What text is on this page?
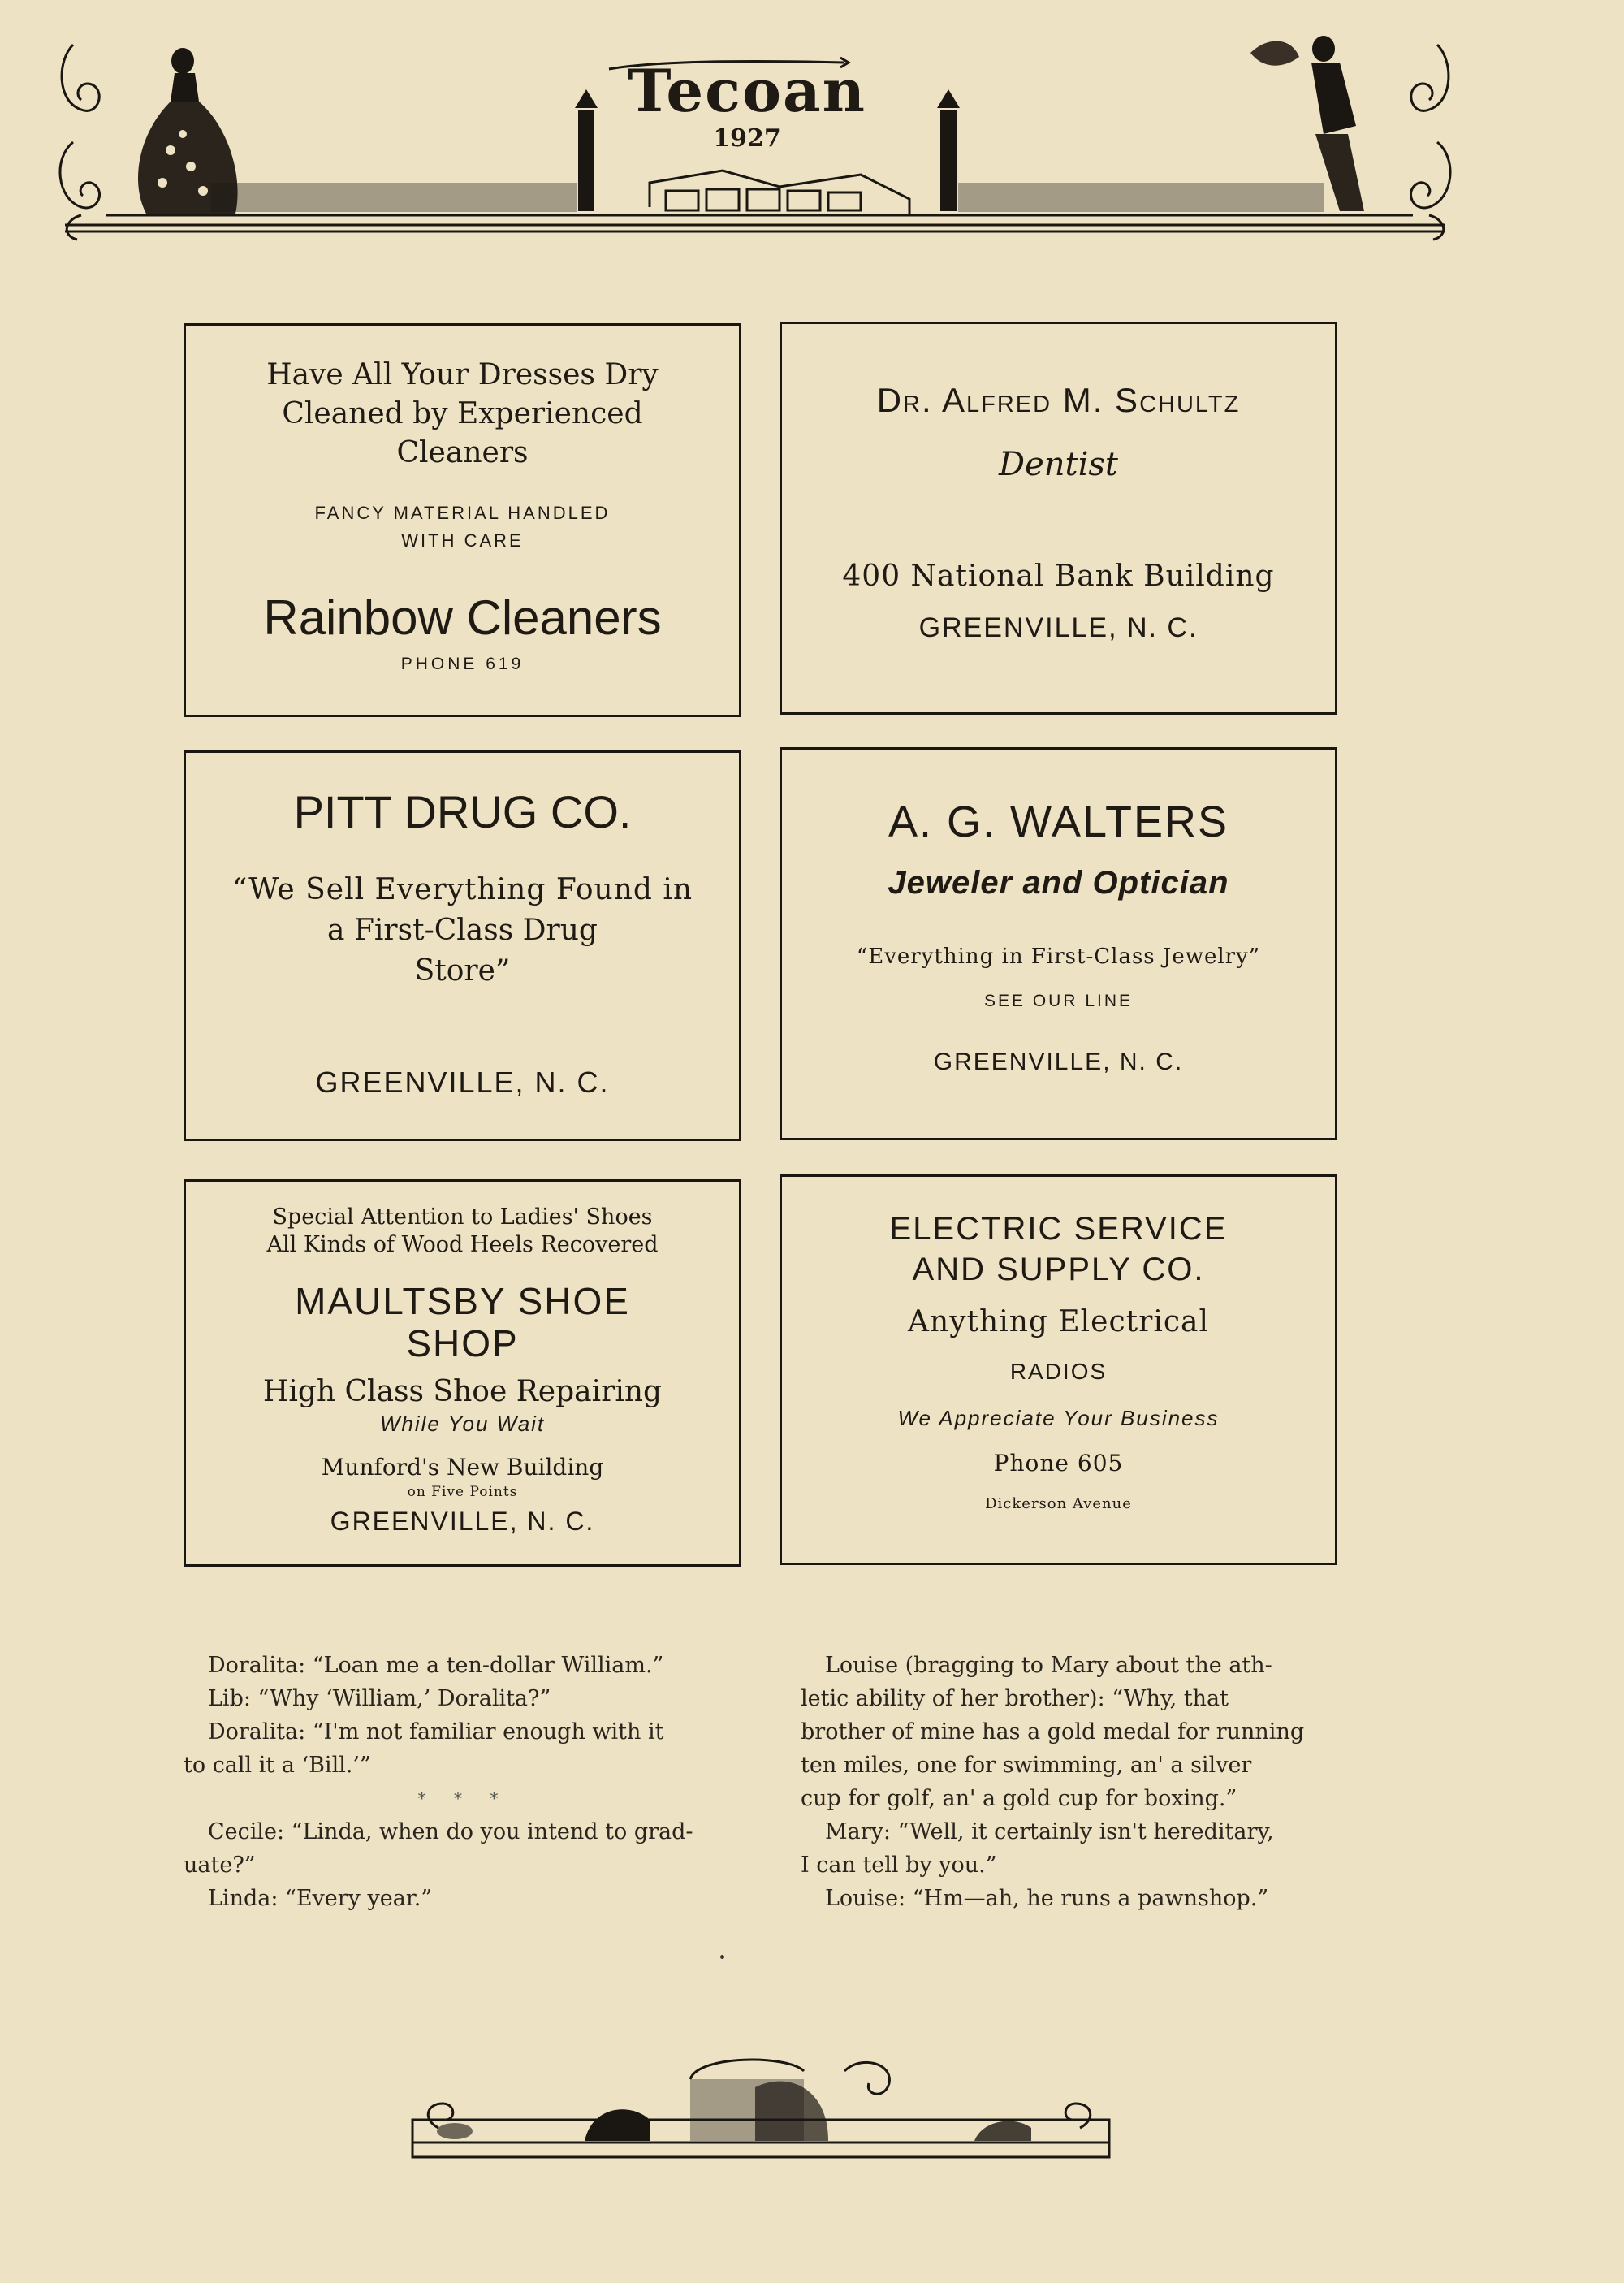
Tecoan
1927
Have All Your Dresses Dry
Cleaned by Experienced
Cleaners
FANCY MATERIAL HANDLED
WITH CARE
Rainbow Cleaners
PHONE 619
Dr. Alfred M. Schultz
Dentist
400 National Bank Building
GREENVILLE, N. C.
PITT DRUG CO.
“We Sell Everything Found in
a First-Class Drug
Store”
GREENVILLE, N. C.
A. G. WALTERS
Jeweler and Optician
“Everything in First-Class Jewelry”
SEE OUR LINE
GREENVILLE, N. C.
Special Attention to Ladies' Shoes
All Kinds of Wood Heels Recovered
MAULTSBY SHOE
SHOP
High Class Shoe Repairing
While You Wait
Munford's New Building
on Five Points
GREENVILLE, N. C.
ELECTRIC SERVICE
AND SUPPLY CO.
Anything Electrical
RADIOS
We Appreciate Your Business
Phone 605
Dickerson Avenue

Doralita: “Loan me a ten-dollar William.”

Lib: “Why ‘William,’ Doralita?”

Doralita: “I'm not familiar enough with it

to call it a ‘Bill.’”

* * *

Cecile: “Linda, when do you intend to grad-

uate?”

Linda: “Every year.”

Louise (bragging to Mary about the ath-

letic ability of her brother): “Why, that

brother of mine has a gold medal for running

ten miles, one for swimming, an' a silver

cup for golf, an' a gold cup for boxing.”

Mary: “Well, it certainly isn't hereditary,

I can tell by you.”

Louise: “Hm—ah, he runs a pawnshop.”
